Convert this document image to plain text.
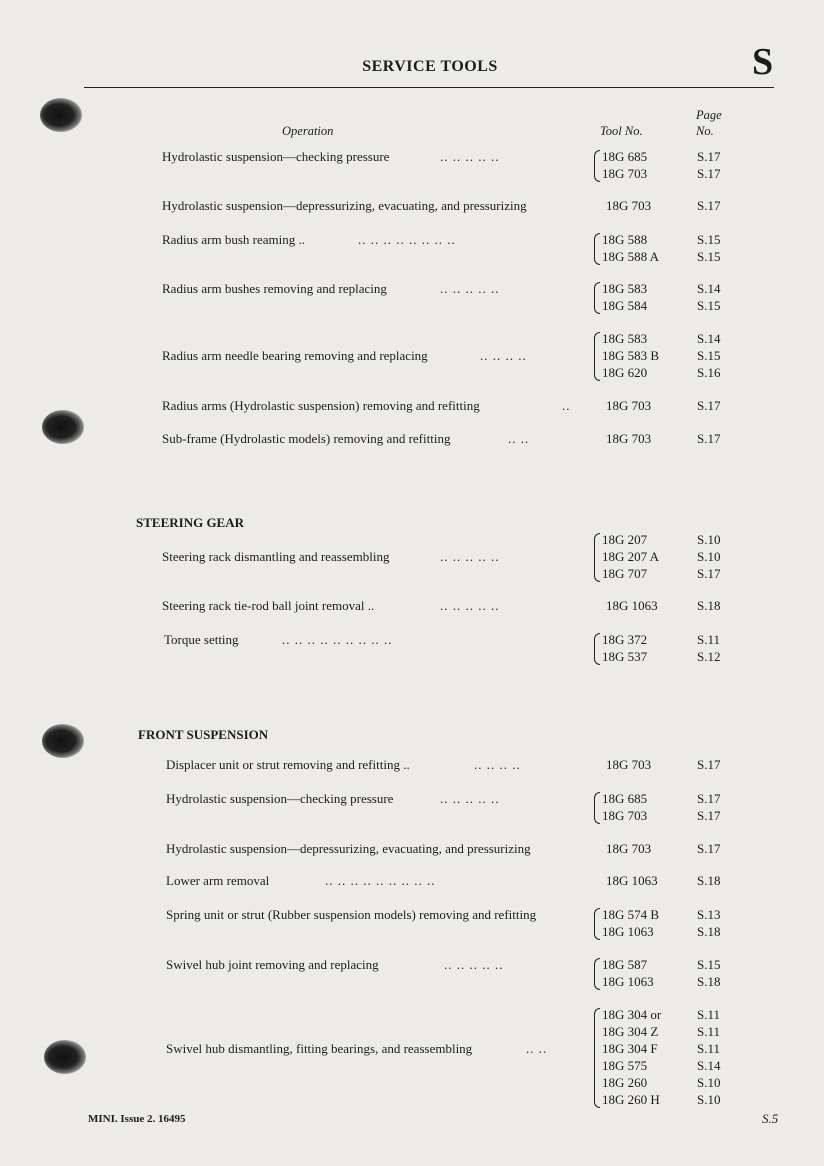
SERVICE TOOLS	S
Operation	Tool No.
Page
No.
STEERING GEAR
FRONT SUSPENSION
Hydrolastic suspension—checking pressure	.. .. .. .. ..	18G 685	S.17
18G 703	S.17
Hydrolastic suspension—depressurizing, evacuating, and pressurizing	18G 703	S.17
Radius arm bush reaming ..	.. .. .. .. .. .. .. ..	18G 588	S.15
18G 588 A	S.15
Radius arm bushes removing and replacing	.. .. .. .. ..	18G 583	S.14
18G 584	S.15
Radius arm needle bearing removing and replacing	.. .. .. ..
18G 583	S.14
18G 583 B	S.15
18G 620	S.16
Radius arms (Hydrolastic suspension) removing and refitting	..	18G 703	S.17
Sub-frame (Hydrolastic models) removing and refitting	.. ..	18G 703	S.17
Steering rack dismantling and reassembling	.. .. .. .. ..
18G 207	S.10
18G 207 A	S.10
18G 707	S.17
Steering rack tie-rod ball joint removal ..	.. .. .. .. ..	18G 1063	S.18
Torque setting	.. .. .. .. .. .. .. .. ..	18G 372	S.11
18G 537	S.12
Displacer unit or strut removing and refitting ..	.. .. .. ..	18G 703	S.17
Hydrolastic suspension—checking pressure	.. .. .. .. ..	18G 685	S.17
18G 703	S.17
Hydrolastic suspension—depressurizing, evacuating, and pressurizing	18G 703	S.17
Lower arm removal	.. .. .. .. .. .. .. .. ..	18G 1063	S.18
Spring unit or strut (Rubber suspension models) removing and refitting	18G 574 B	S.13
18G 1063	S.18
Swivel hub joint removing and replacing	.. .. .. .. ..	18G 587	S.15
18G 1063	S.18
Swivel hub dismantling, fitting bearings, and reassembling	.. ..
18G 304 or	S.11
18G 304 Z	S.11
18G 304 F	S.11
18G 575	S.14
18G 260	S.10
18G 260 H	S.10
MINI. Issue 2. 16495	S.5
